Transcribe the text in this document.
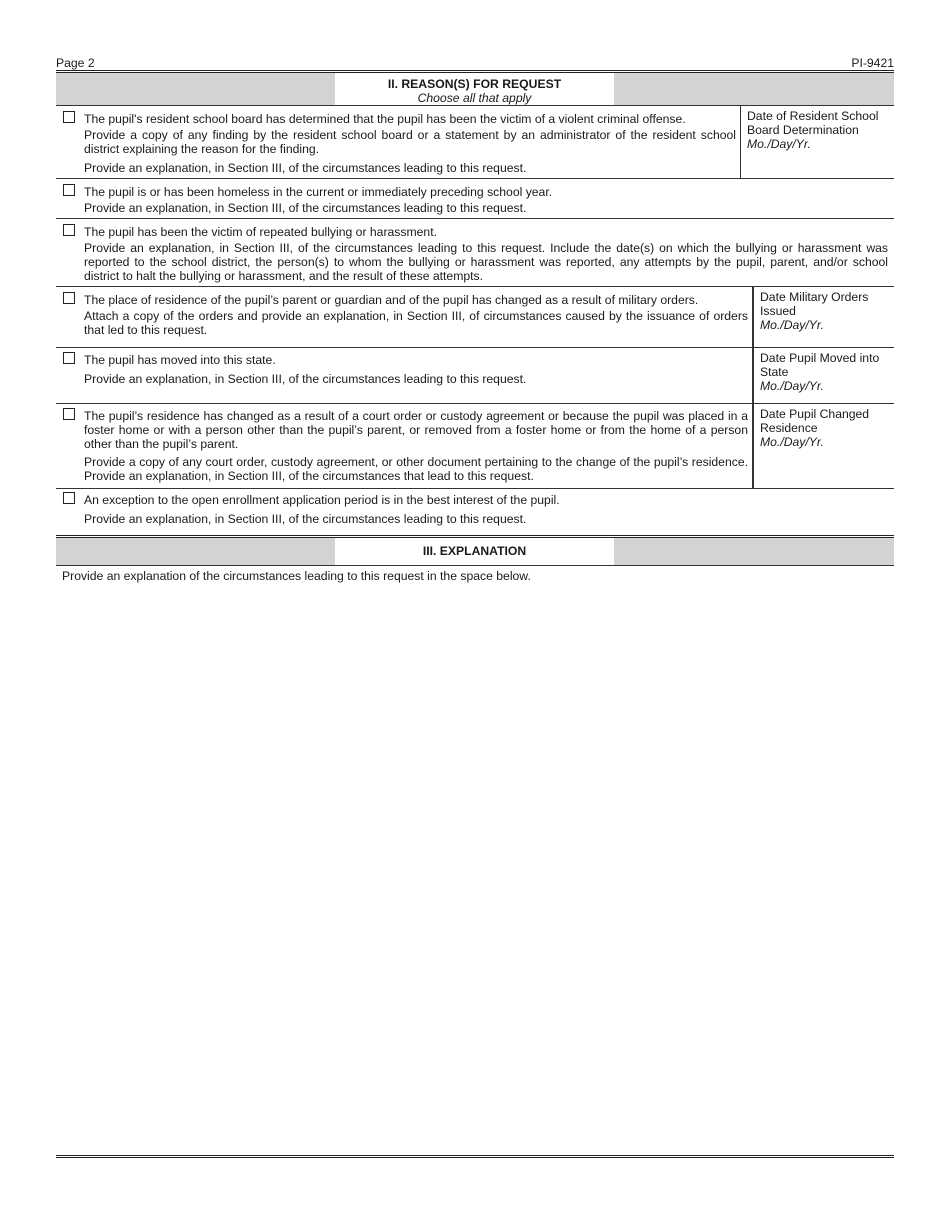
Page 2	PI-9421
II. REASON(S) FOR REQUEST
Choose all that apply
The pupil's resident school board has determined that the pupil has been the victim of a violent criminal offense.
Provide a copy of any finding by the resident school board or a statement by an administrator of the resident school district explaining the reason for the finding.
Provide an explanation, in Section III, of the circumstances leading to this request.
Date of Resident School Board Determination
Mo./Day/Yr.
The pupil is or has been homeless in the current or immediately preceding school year.
Provide an explanation, in Section III, of the circumstances leading to this request.
The pupil has been the victim of repeated bullying or harassment.
Provide an explanation, in Section III, of the circumstances leading to this request. Include the date(s) on which the bullying or harassment was reported to the school district, the person(s) to whom the bullying or harassment was reported, any attempts by the pupil, parent, and/or school district to halt the bullying or harassment, and the result of these attempts.
The place of residence of the pupil’s parent or guardian and of the pupil has changed as a result of military orders.
Attach a copy of the orders and provide an explanation, in Section III, of circumstances caused by the issuance of orders that led to this request.
Date Military Orders Issued
Mo./Day/Yr.
The pupil has moved into this state.
Provide an explanation, in Section III, of the circumstances leading to this request.
Date Pupil Moved into State
Mo./Day/Yr.
The pupil’s residence has changed as a result of a court order or custody agreement or because the pupil was placed in a foster home or with a person other than the pupil’s parent, or removed from a foster home or from the home of a person other than the pupil’s parent.
Provide a copy of any court order, custody agreement, or other document pertaining to the change of the pupil’s residence. Provide an explanation, in Section III, of the circumstances that lead to this request.
Date Pupil Changed Residence
Mo./Day/Yr.
An exception to the open enrollment application period is in the best interest of the pupil.
Provide an explanation, in Section III, of the circumstances leading to this request.
III. EXPLANATION
Provide an explanation of the circumstances leading to this request in the space below.
